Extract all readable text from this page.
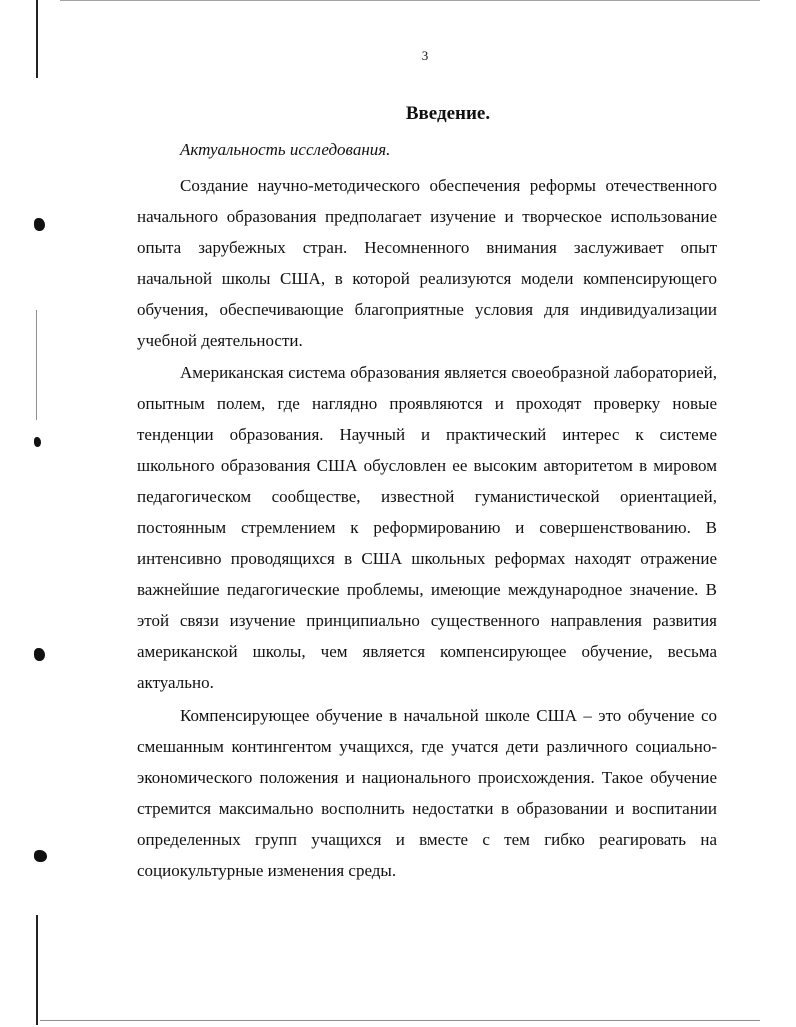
3
Введение.
Актуальность исследования.

Создание научно-методического обеспечения реформы отечественного начального образования предполагает изучение и творческое использование опыта зарубежных стран. Несомненного внимания заслуживает опыт начальной школы США, в которой реализуются модели компенсирующего обучения, обеспечивающие благоприятные условия для индивидуализации учебной деятельности.

Американская система образования является своеобразной лабораторией, опытным полем, где наглядно проявляются и проходят проверку новые тенденции образования. Научный и практический интерес к системе школьного образования США обусловлен ее высоким авторитетом в мировом педагогическом сообществе, известной гуманистической ориентацией, постоянным стремлением к реформированию и совершенствованию. В интенсивно проводящихся в США школьных реформах находят отражение важнейшие педагогические проблемы, имеющие международное значение. В этой связи изучение принципиально существенного направления развития американской школы, чем является компенсирующее обучение, весьма актуально.

Компенсирующее обучение в начальной школе США – это обучение со смешанным контингентом учащихся, где учатся дети различного социально-экономического положения и национального происхождения. Такое обучение стремится максимально восполнить недостатки в образовании и воспитании определенных групп учащихся и вместе с тем гибко реагировать на социокультурные изменения среды.
